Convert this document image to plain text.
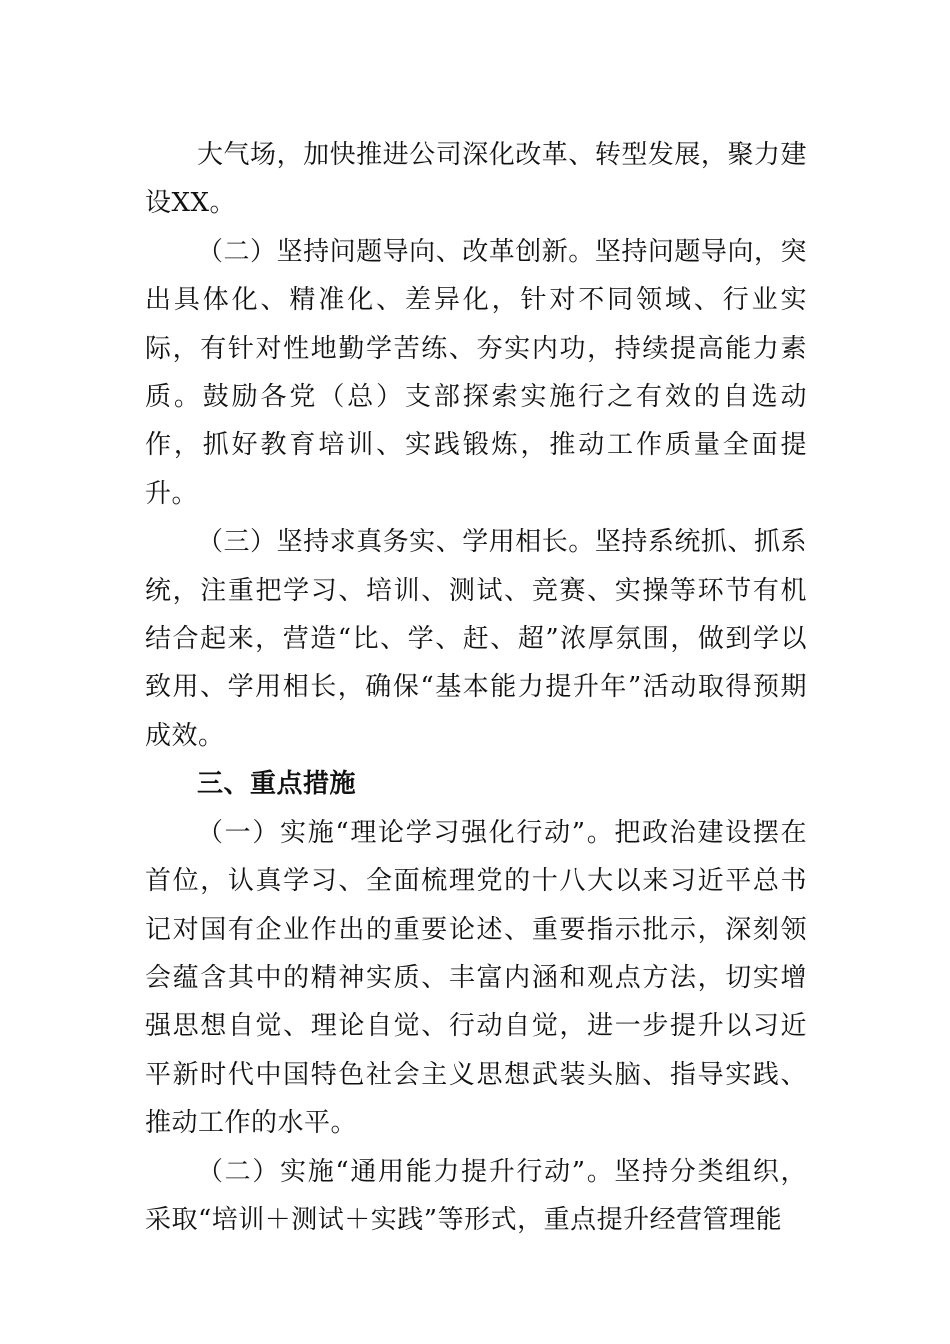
大气场，加快推进公司深化改革、转型发展，聚力建设XX。

（二）坚持问题导向、改革创新。坚持问题导向，突出具体化、精准化、差异化，针对不同领域、行业实际，有针对性地勤学苦练、夯实内功，持续提高能力素质。鼓励各党（总）支部探索实施行之有效的自选动作，抓好教育培训、实践锻炼，推动工作质量全面提升。

（三）坚持求真务实、学用相长。坚持系统抓、抓系统，注重把学习、培训、测试、竞赛、实操等环节有机结合起来，营造“比、学、赶、超”浓厚氛围，做到学以致用、学用相长，确保“基本能力提升年”活动取得预期成效。

三、重点措施

（一）实施“理论学习强化行动”。把政治建设摆在首位，认真学习、全面梳理党的十八大以来习近平总书记对国有企业作出的重要论述、重要指示批示，深刻领会蕴含其中的精神实质、丰富内涵和观点方法，切实增强思想自觉、理论自觉、行动自觉，进一步提升以习近平新时代中国特色社会主义思想武装头脑、指导实践、推动工作的水平。

（二）实施“通用能力提升行动”。坚持分类组织，采取“培训＋测试＋实践”等形式，重点提升经营管理能
